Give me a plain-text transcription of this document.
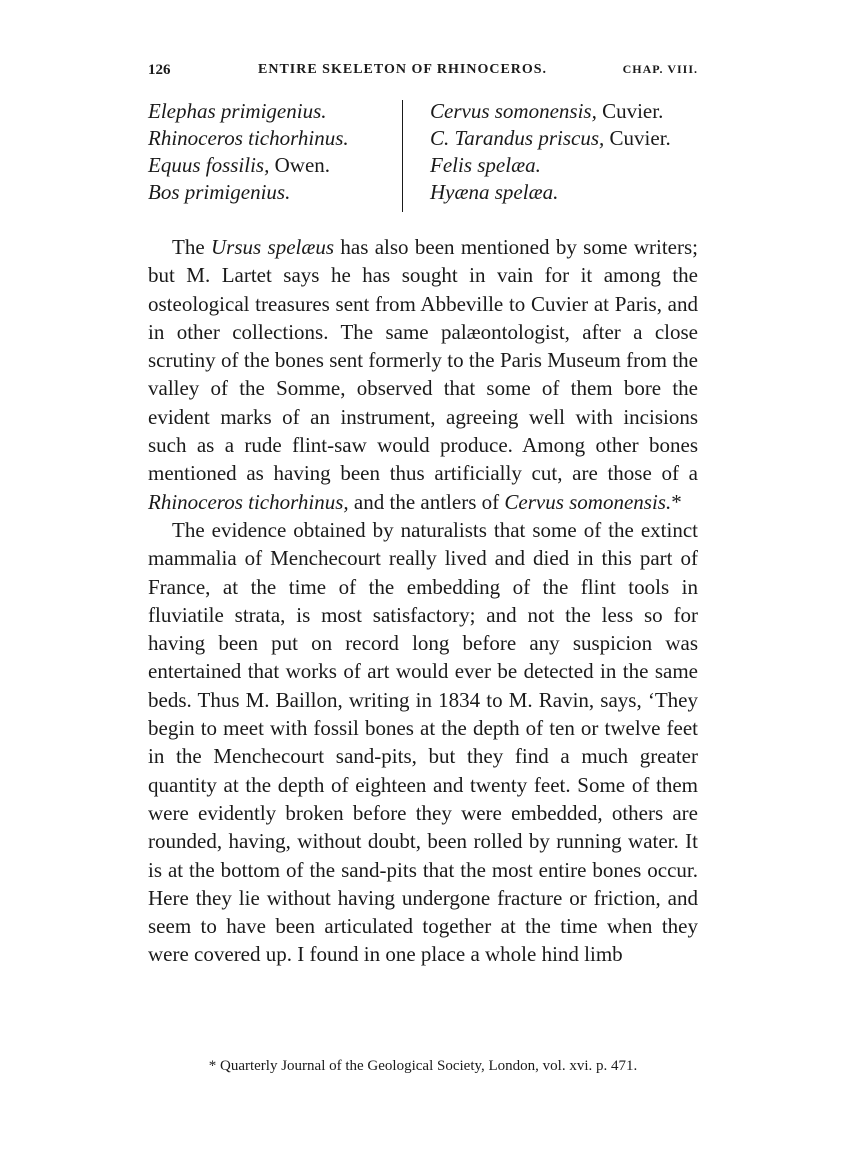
126	ENTIRE SKELETON OF RHINOCEROS.	CHAP. VIII.
Elephas primigenius.
Rhinoceros tichorhinus.
Equus fossilis, Owen.
Bos primigenius.
Cervus somonensis, Cuvier.
C. Tarandus priscus, Cuvier.
Felis spelæa.
Hyæna spelæa.

The Ursus spelæus has also been mentioned by some writers; but M. Lartet says he has sought in vain for it among the osteological treasures sent from Abbeville to Cuvier at Paris, and in other collections. The same palæontologist, after a close scrutiny of the bones sent formerly to the Paris Museum from the valley of the Somme, observed that some of them bore the evident marks of an instrument, agreeing well with incisions such as a rude flint-saw would produce. Among other bones mentioned as having been thus artificially cut, are those of a Rhinoceros tichorhinus, and the antlers of Cervus somonensis.*

The evidence obtained by naturalists that some of the extinct mammalia of Menchecourt really lived and died in this part of France, at the time of the embedding of the flint tools in fluviatile strata, is most satisfactory; and not the less so for having been put on record long before any suspicion was entertained that works of art would ever be detected in the same beds. Thus M. Baillon, writing in 1834 to M. Ravin, says, ‘They begin to meet with fossil bones at the depth of ten or twelve feet in the Menchecourt sand-pits, but they find a much greater quantity at the depth of eighteen and twenty feet. Some of them were evidently broken before they were embedded, others are rounded, having, without doubt, been rolled by running water. It is at the bottom of the sand-pits that the most entire bones occur. Here they lie without having undergone fracture or friction, and seem to have been articulated together at the time when they were covered up. I found in one place a whole hind limb

* Quarterly Journal of the Geological Society, London, vol. xvi. p. 471.
